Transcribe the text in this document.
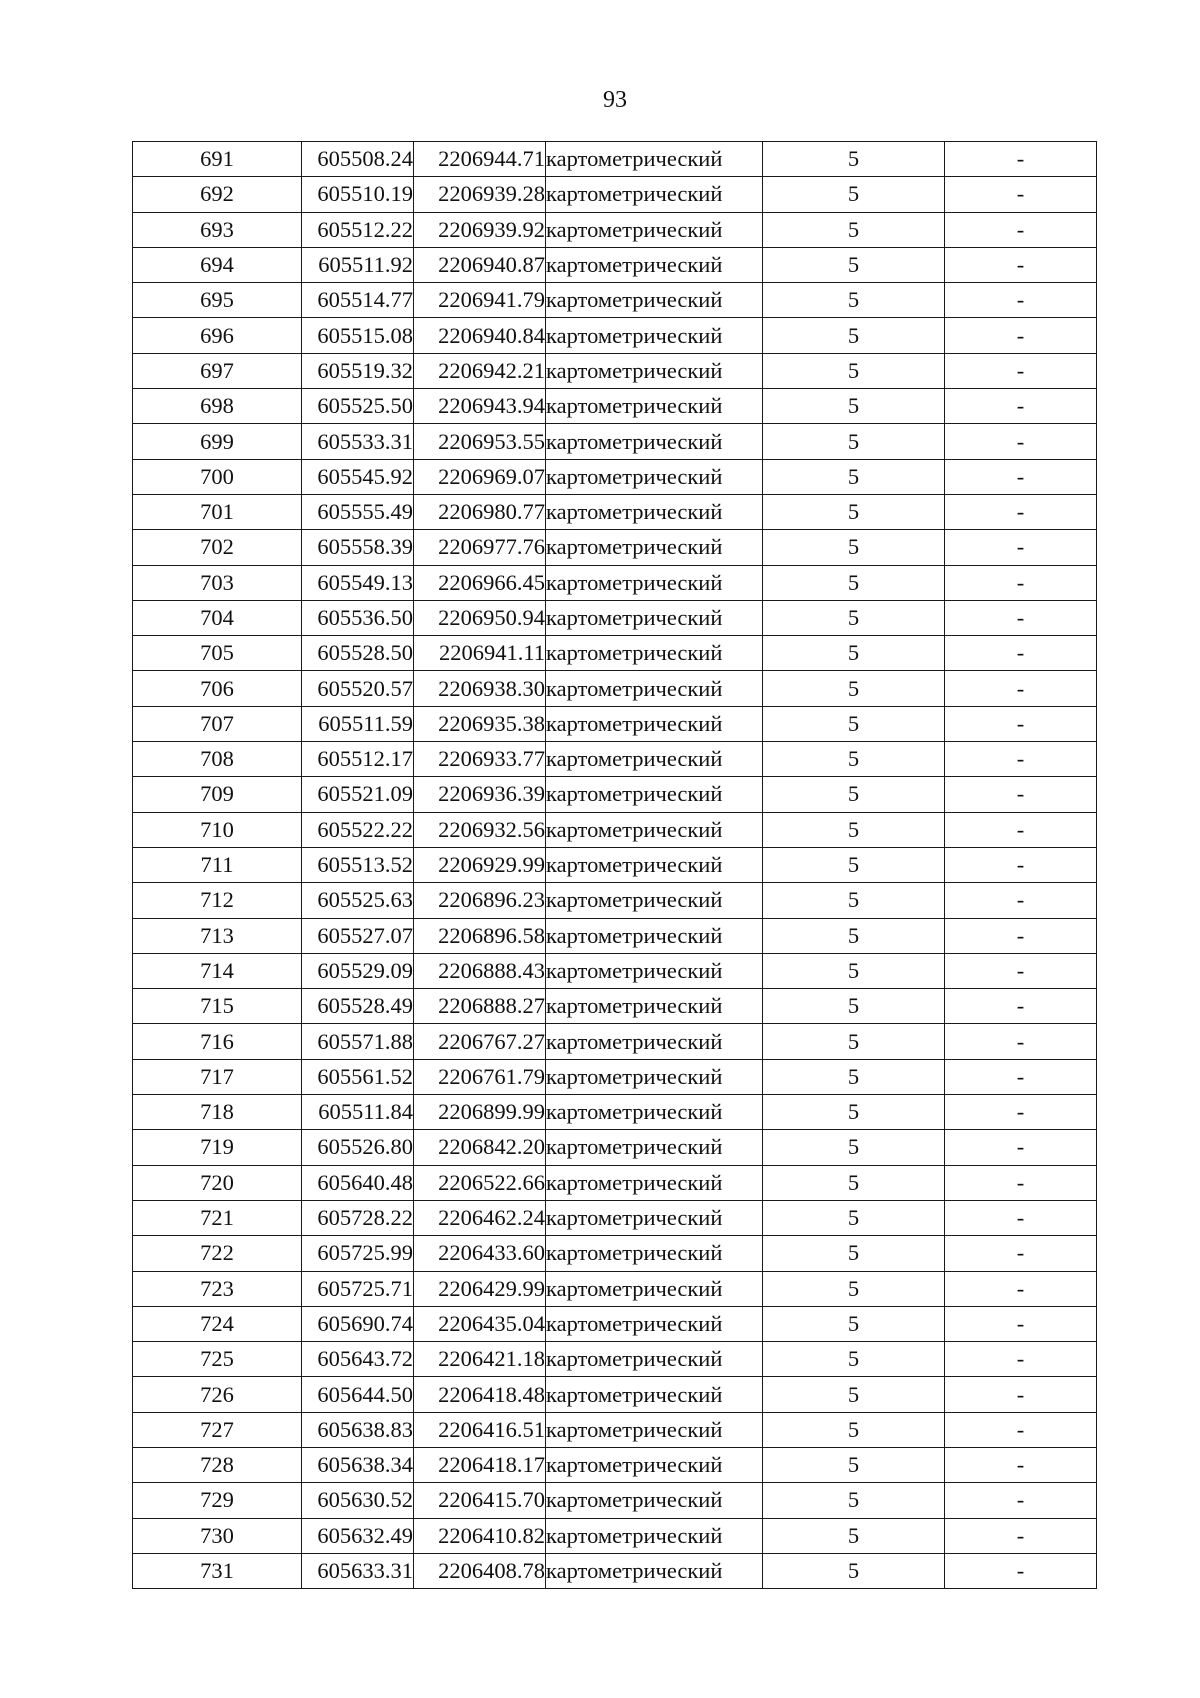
93
691	605508.24	2206944.71	картометрический	5	-
692	605510.19	2206939.28	картометрический	5	-
693	605512.22	2206939.92	картометрический	5	-
694	605511.92	2206940.87	картометрический	5	-
695	605514.77	2206941.79	картометрический	5	-
696	605515.08	2206940.84	картометрический	5	-
697	605519.32	2206942.21	картометрический	5	-
698	605525.50	2206943.94	картометрический	5	-
699	605533.31	2206953.55	картометрический	5	-
700	605545.92	2206969.07	картометрический	5	-
701	605555.49	2206980.77	картометрический	5	-
702	605558.39	2206977.76	картометрический	5	-
703	605549.13	2206966.45	картометрический	5	-
704	605536.50	2206950.94	картометрический	5	-
705	605528.50	2206941.11	картометрический	5	-
706	605520.57	2206938.30	картометрический	5	-
707	605511.59	2206935.38	картометрический	5	-
708	605512.17	2206933.77	картометрический	5	-
709	605521.09	2206936.39	картометрический	5	-
710	605522.22	2206932.56	картометрический	5	-
711	605513.52	2206929.99	картометрический	5	-
712	605525.63	2206896.23	картометрический	5	-
713	605527.07	2206896.58	картометрический	5	-
714	605529.09	2206888.43	картометрический	5	-
715	605528.49	2206888.27	картометрический	5	-
716	605571.88	2206767.27	картометрический	5	-
717	605561.52	2206761.79	картометрический	5	-
718	605511.84	2206899.99	картометрический	5	-
719	605526.80	2206842.20	картометрический	5	-
720	605640.48	2206522.66	картометрический	5	-
721	605728.22	2206462.24	картометрический	5	-
722	605725.99	2206433.60	картометрический	5	-
723	605725.71	2206429.99	картометрический	5	-
724	605690.74	2206435.04	картометрический	5	-
725	605643.72	2206421.18	картометрический	5	-
726	605644.50	2206418.48	картометрический	5	-
727	605638.83	2206416.51	картометрический	5	-
728	605638.34	2206418.17	картометрический	5	-
729	605630.52	2206415.70	картометрический	5	-
730	605632.49	2206410.82	картометрический	5	-
731	605633.31	2206408.78	картометрический	5	-
